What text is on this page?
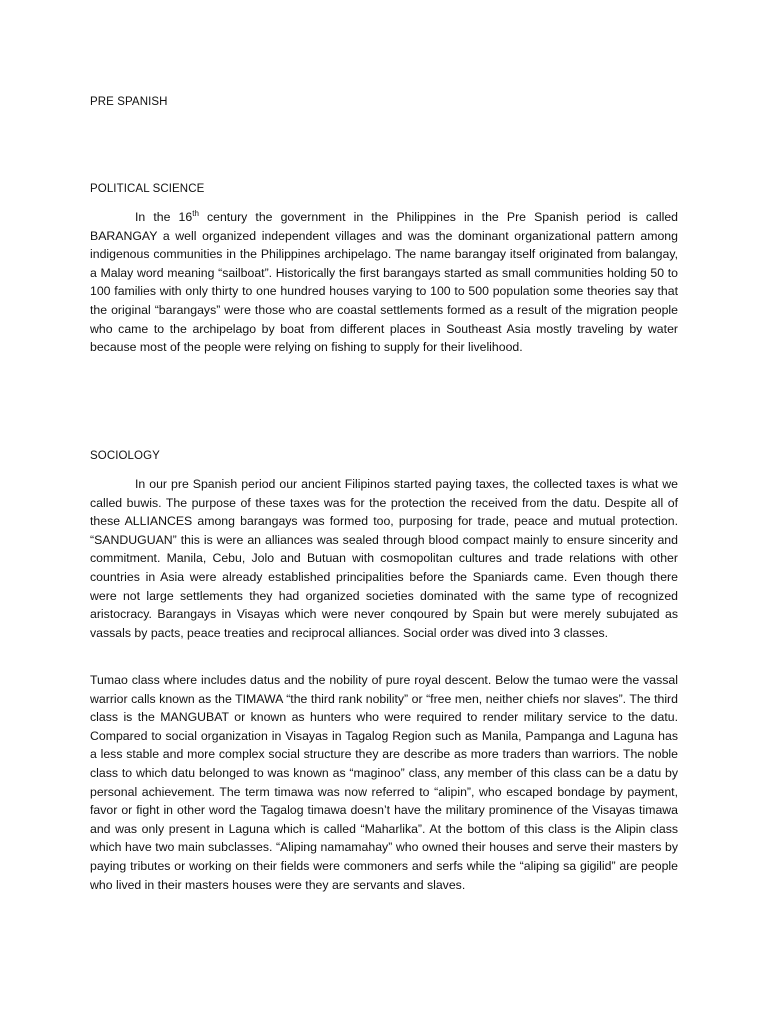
PRE SPANISH
POLITICAL SCIENCE

In the 16th century the government in the Philippines in the Pre Spanish period is called BARANGAY a well organized independent villages and was the dominant organizational pattern among indigenous communities in the Philippines archipelago. The name barangay itself originated from balangay, a Malay word meaning “sailboat”. Historically the first barangays started as small communities holding 50 to 100 families with only thirty to one hundred houses varying to 100 to 500 population some theories say that the original “barangays” were those who are coastal settlements formed as a result of the migration people who came to the archipelago by boat from different places in Southeast Asia mostly traveling by water because most of the people were relying on fishing to supply for their livelihood.

SOCIOLOGY

In our pre Spanish period our ancient Filipinos started paying taxes, the collected taxes is what we called buwis. The purpose of these taxes was for the protection the received from the datu. Despite all of these ALLIANCES among barangays was formed too, purposing for trade, peace and mutual protection. “SANDUGUAN” this is were an alliances was sealed through blood compact mainly to ensure sincerity and commitment. Manila, Cebu, Jolo and Butuan with cosmopolitan cultures and trade relations with other countries in Asia were already established principalities before the Spaniards came. Even though there were not large settlements they had organized societies dominated with the same type of recognized aristocracy. Barangays in Visayas which were never conqoured by Spain but were merely subujated as vassals by pacts, peace treaties and reciprocal alliances. Social order was dived into 3 classes.

Tumao class where includes datus and the nobility of pure royal descent. Below the tumao were the vassal warrior calls known as the TIMAWA “the third rank nobility” or “free men, neither chiefs nor slaves”. The third class is the MANGUBAT or known as hunters who were required to render military service to the datu. Compared to social organization in Visayas in Tagalog Region such as Manila, Pampanga and Laguna has a less stable and more complex social structure they are describe as more traders than warriors. The noble class to which datu belonged to was known as “maginoo” class, any member of this class can be a datu by personal achievement. The term timawa was now referred to “alipin”, who escaped bondage by payment, favor or fight in other word the Tagalog timawa doesn’t have the military prominence of the Visayas timawa and was only present in Laguna which is called “Maharlika”. At the bottom of this class is the Alipin class which have two main subclasses. “Aliping namamahay” who owned their houses and serve their masters by paying tributes or working on their fields were commoners and serfs while the “aliping sa gigilid” are people who lived in their masters houses were they are servants and slaves.
